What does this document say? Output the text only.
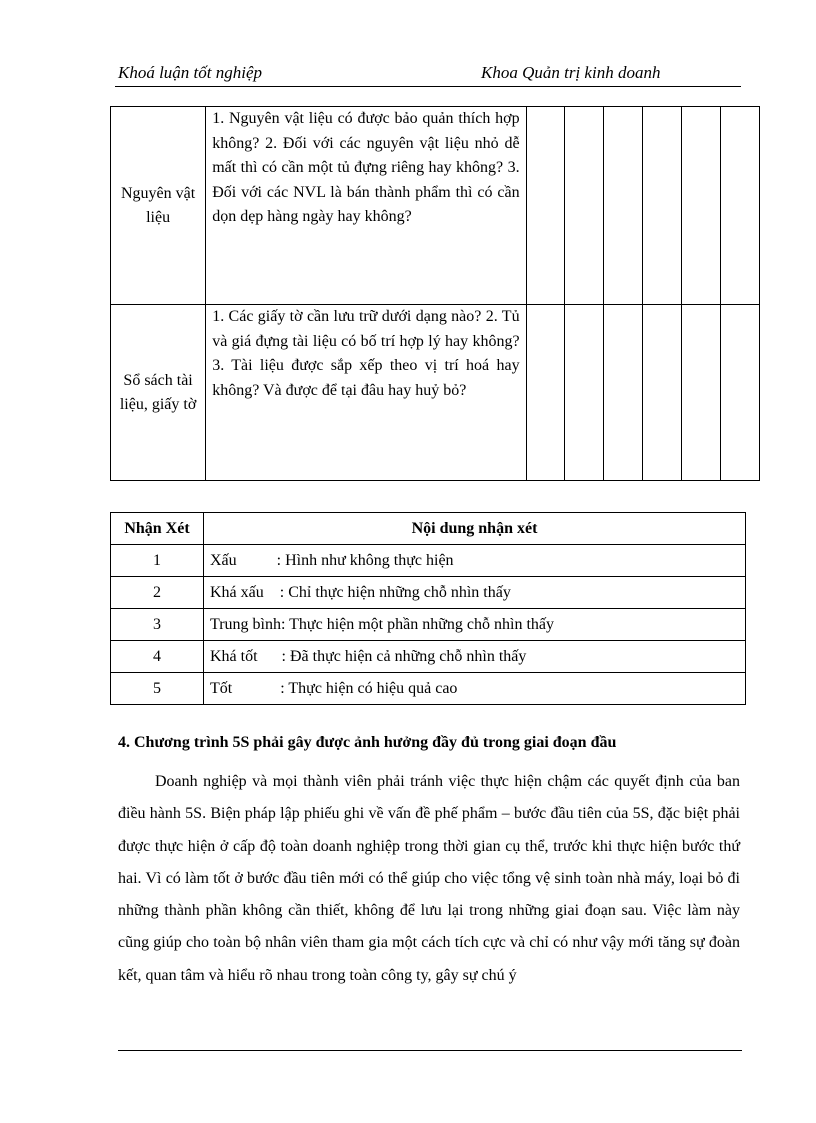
Khoá luận tốt nghiệp	Khoa Quản trị kinh doanh
Nguyên vật liệu	1. Nguyên vật liệu có được bảo quản thích hợp không? 2. Đối với các nguyên vật liệu nhỏ dễ mất thì có cần một tủ đựng riêng hay không? 3. Đối với các NVL là bán thành phẩm thì có cần dọn dẹp hàng ngày hay không?						
Sổ sách tài liệu, giấy tờ	1. Các giấy tờ cần lưu trữ dưới dạng nào? 2. Tủ và giá đựng tài liệu có bố trí hợp lý hay không? 3. Tài liệu được sắp xếp theo vị trí hoá hay không? Và được để tại đâu hay huỷ bỏ?						
Nhận Xét	Nội dung nhận xét
1	Xấu          : Hình như không thực hiện
2	Khá xấu    : Chỉ thực hiện những chỗ nhìn thấy
3	Trung bình: Thực hiện một phần những chỗ nhìn thấy
4	Khá tốt      : Đã thực hiện cả những chỗ nhìn thấy
5	Tốt            : Thực hiện có hiệu quả cao
4. Chương trình 5S phải gây được ảnh hưởng đầy đủ trong giai đoạn đầu

Doanh nghiệp và mọi thành viên phải tránh việc thực hiện chậm các quyết định của ban điều hành 5S. Biện pháp lập phiếu ghi về vấn đề phế phẩm – bước đầu tiên của 5S, đặc biệt phải được thực hiện ở cấp độ toàn doanh nghiệp trong thời gian cụ thể, trước khi thực hiện bước thứ hai. Vì có làm tốt ở bước đầu tiên mới có thể giúp cho việc tổng vệ sinh toàn nhà máy, loại bỏ đi những thành phần không cần thiết, không để lưu lại trong những giai đoạn sau. Việc làm này cũng giúp cho toàn bộ nhân viên tham gia một cách tích cực và chỉ có như vậy mới tăng sự đoàn kết, quan tâm và hiểu rõ nhau trong toàn công ty, gây sự chú ý
